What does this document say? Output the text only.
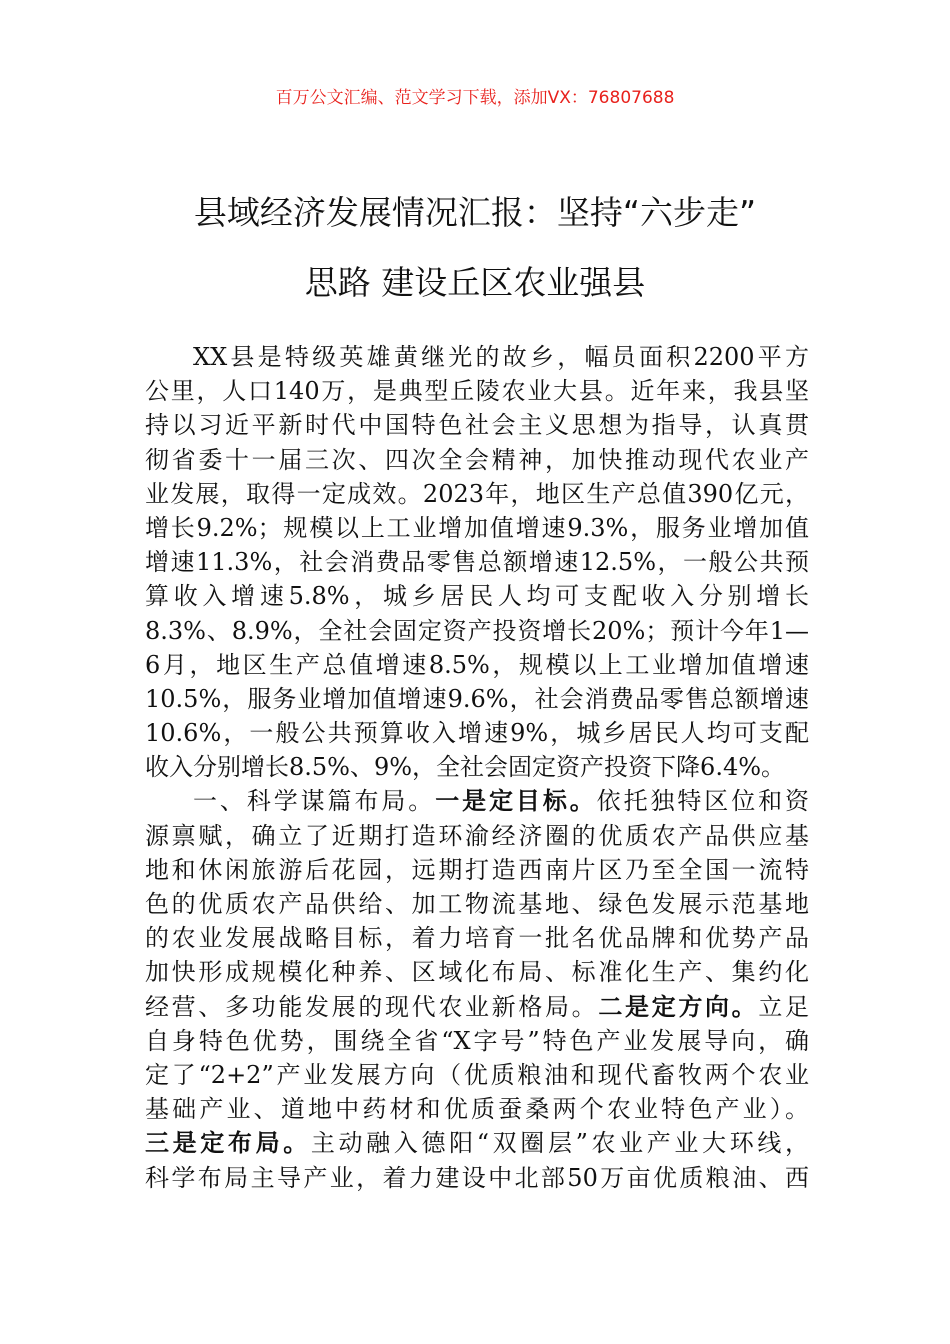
百万公文汇编、范文学习下载，添加VX：76807688
县域经济发展情况汇报：坚持“六步走”
思路 建设丘区农业强县
XX县是特级英雄黄继光的故乡，幅员面积2200平方
公里，人口140万，是典型丘陵农业大县。近年来，我县坚
持以习近平新时代中国特色社会主义思想为指导，认真贯
彻省委十一届三次、四次全会精神，加快推动现代农业产
业发展，取得一定成效。2023年，地区生产总值390亿元，
增长9.2%；规模以上工业增加值增速9.3%，服务业增加值
增速11.3%，社会消费品零售总额增速12.5%，一般公共预
算收入增速5.8%，城乡居民人均可支配收入分别增长
8.3%、8.9%，全社会固定资产投资增长20%；预计今年1—
6月，地区生产总值增速8.5%，规模以上工业增加值增速
10.5%，服务业增加值增速9.6%，社会消费品零售总额增速
10.6%，一般公共预算收入增速9%，城乡居民人均可支配
收入分别增长8.5%、9%，全社会固定资产投资下降6.4%。
一、科学谋篇布局。一是定目标。依托独特区位和资
源禀赋，确立了近期打造环渝经济圈的优质农产品供应基
地和休闲旅游后花园，远期打造西南片区乃至全国一流特
色的优质农产品供给、加工物流基地、绿色发展示范基地
的农业发展战略目标，着力培育一批名优品牌和优势产品
加快形成规模化种养、区域化布局、标准化生产、集约化
经营、多功能发展的现代农业新格局。二是定方向。立足
自身特色优势，围绕全省“X字号”特色产业发展导向，确
定了“2+2”产业发展方向（优质粮油和现代畜牧两个农业
基础产业、道地中药材和优质蚕桑两个农业特色产业）。
三是定布局。主动融入德阳“双圈层”农业产业大环线，
科学布局主导产业，着力建设中北部50万亩优质粮油、西
